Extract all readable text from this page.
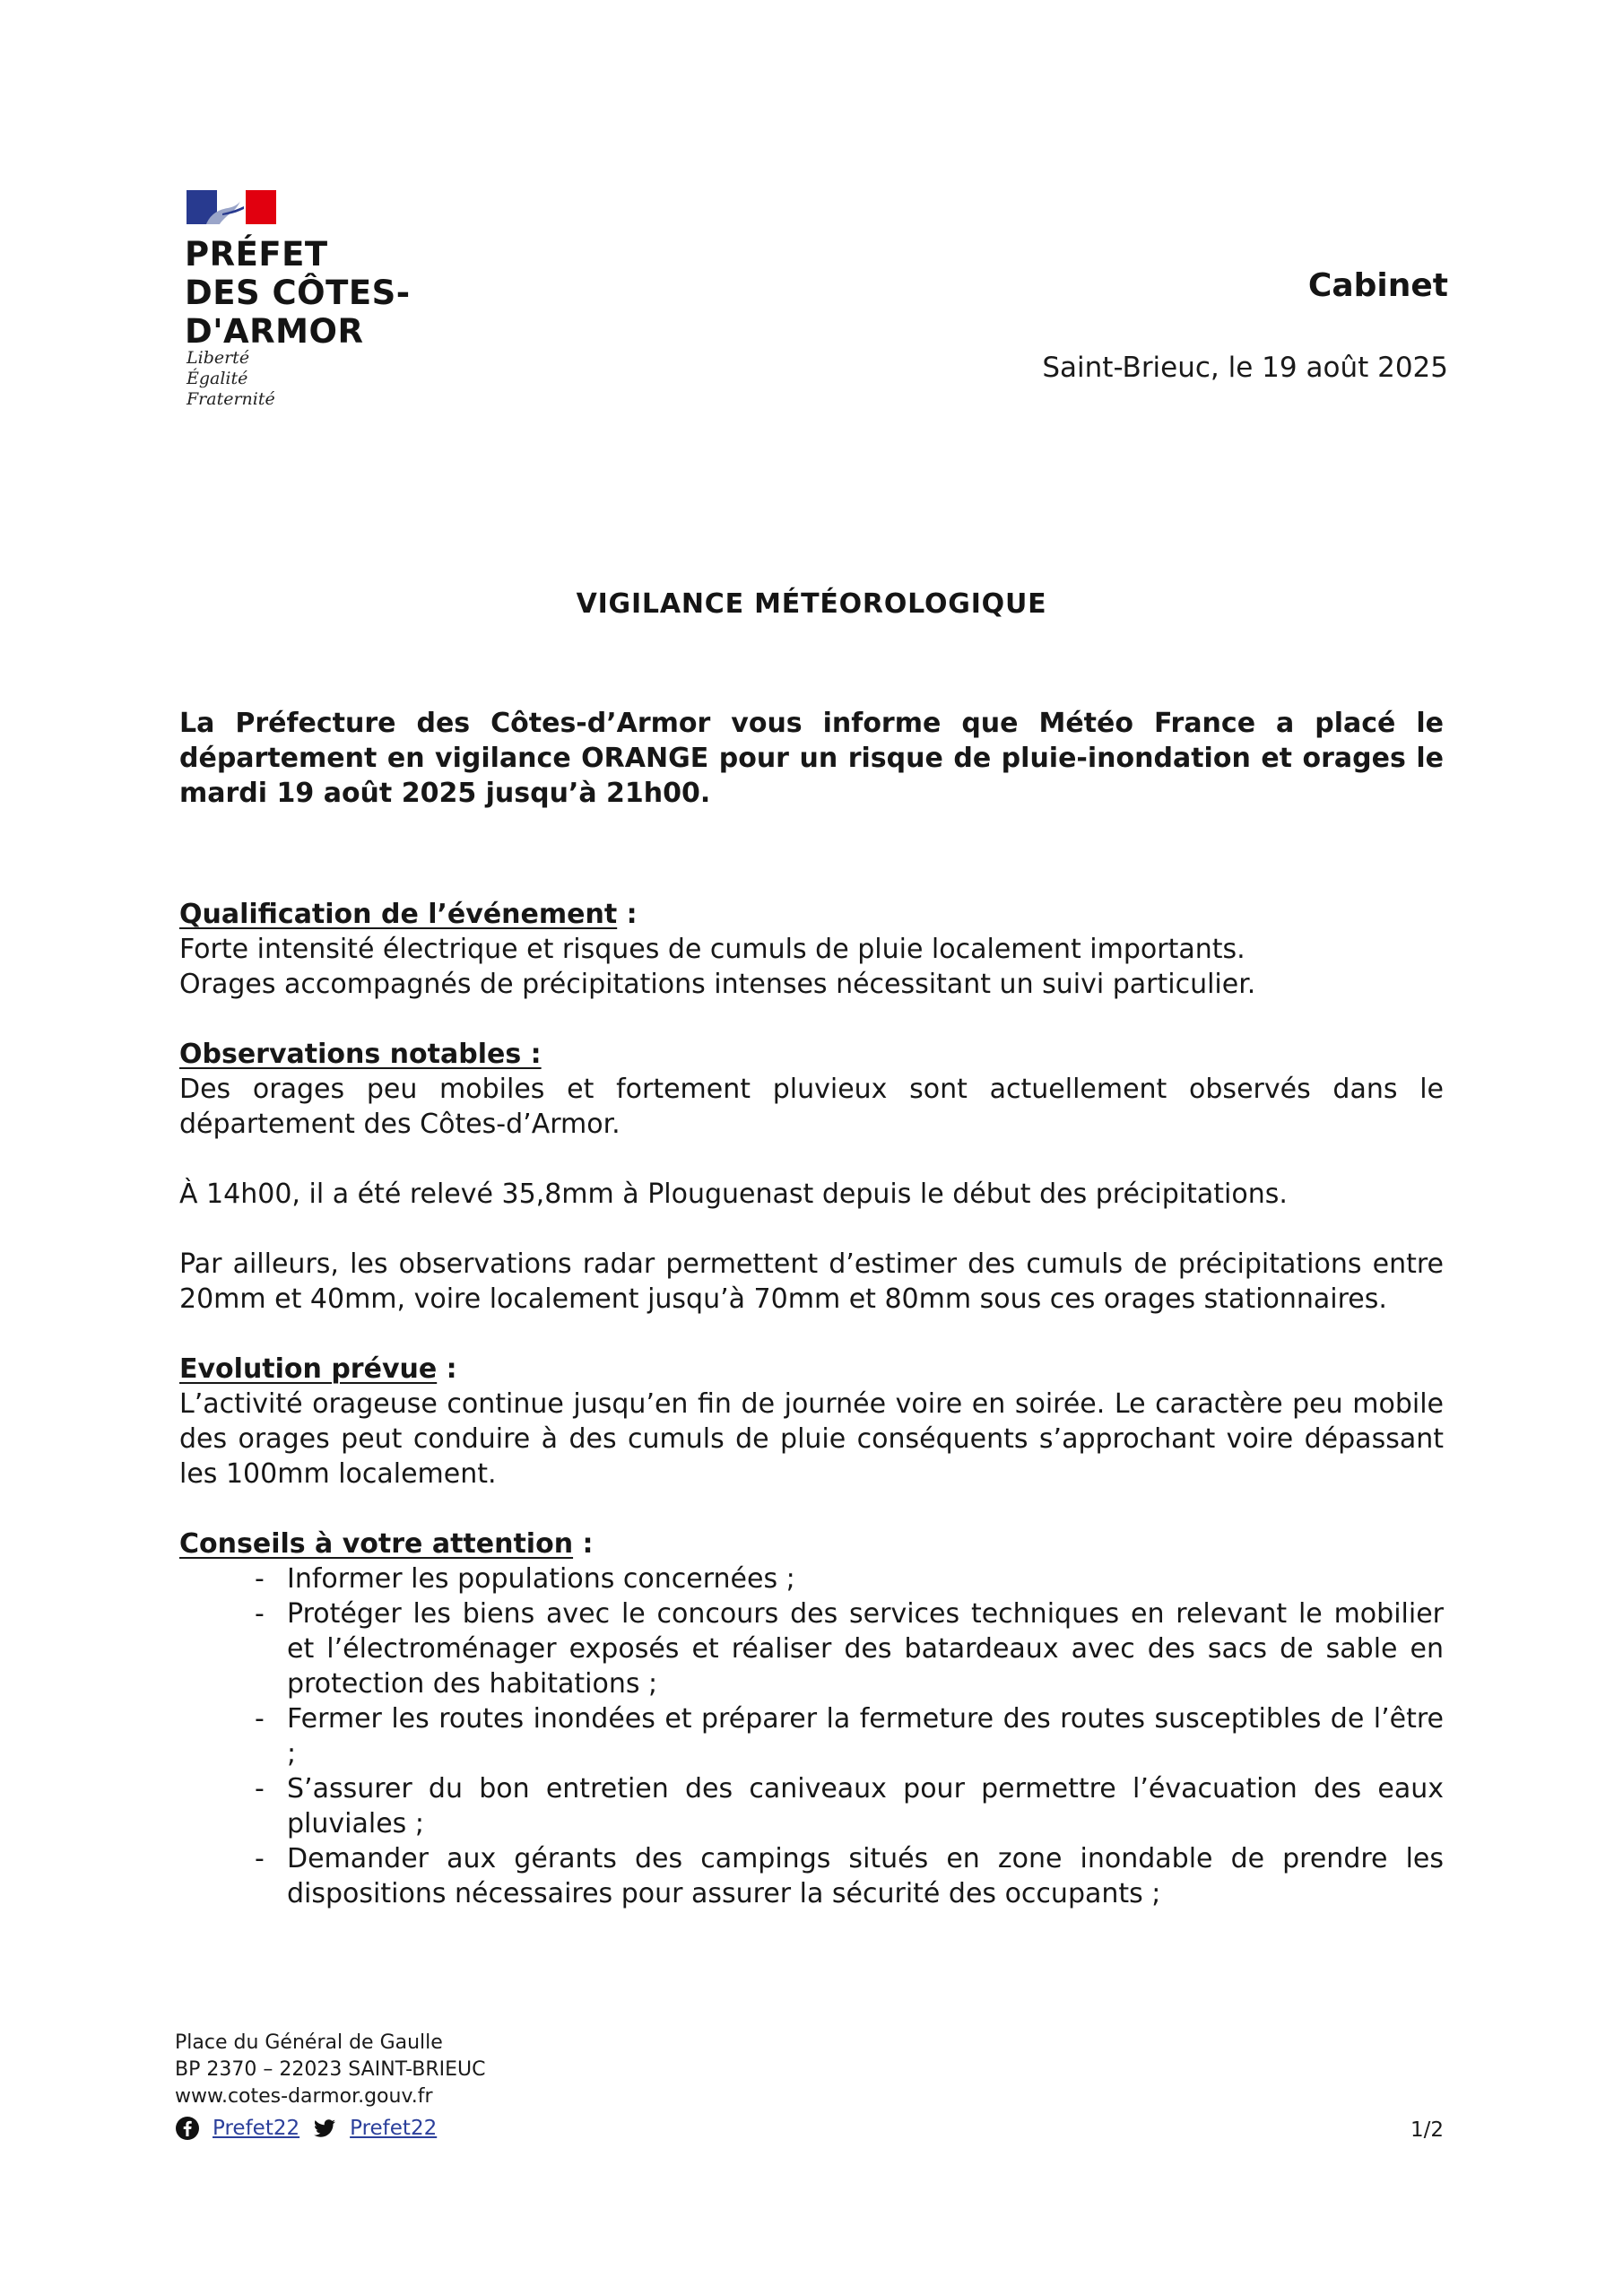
PRÉFET
DES CÔTES-
D'ARMOR
Liberté
Égalité
Fraternité
Cabinet
Saint-Brieuc, le 19 août 2025
VIGILANCE MÉTÉOROLOGIQUE

La Préfecture des Côtes-d’Armor vous informe que Météo France a placé le département en vigilance ORANGE pour un risque de pluie-inondation et orages le mardi 19 août 2025 jusqu’à 21h00.

Qualification de l’événement :

Forte intensité électrique et risques de cumuls de pluie localement importants.

Orages accompagnés de précipitations intenses nécessitant un suivi particulier.

Observations notables :

Des orages peu mobiles et fortement pluvieux sont actuellement observés dans le département des Côtes-d’Armor.

À 14h00, il a été relevé 35,8mm à Plouguenast depuis le début des précipitations.

Par ailleurs, les observations radar permettent d’estimer des cumuls de précipitations entre 20mm et 40mm, voire localement jusqu’à 70mm et 80mm sous ces orages stationnaires.

Evolution prévue :

L’activité orageuse continue jusqu’en fin de journée voire en soirée. Le caractère peu mobile des orages peut conduire à des cumuls de pluie conséquents s’approchant voire dépassant les 100mm localement.

Conseils à votre attention :

- Informer les populations concernées ;
- Protéger les biens avec le concours des services techniques en relevant le mobilier et l’électroménager exposés et réaliser des batardeaux avec des sacs de sable en protection des habitations ;
- Fermer les routes inondées et préparer la fermeture des routes susceptibles de l’être ;
- S’assurer du bon entretien des caniveaux pour permettre l’évacuation des eaux pluviales ;
- Demander aux gérants des campings situés en zone inondable de prendre les dispositions nécessaires pour assurer la sécurité des occupants ;
Place du Général de Gaulle
BP 2370 – 22023 SAINT-BRIEUC
www.cotes-darmor.gouv.fr
Prefet22 Prefet22	1/2
